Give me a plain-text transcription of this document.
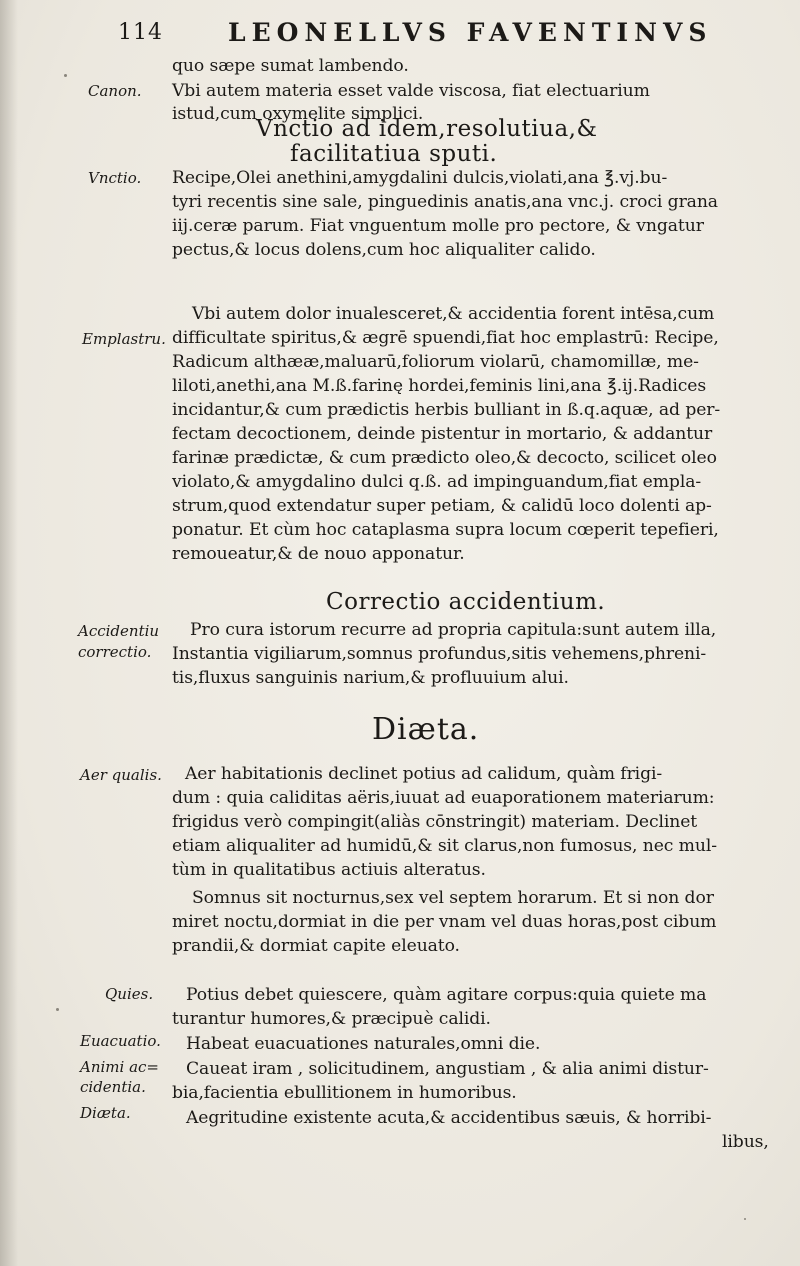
114	LEONELLVS FAVENTINVS
Canon.
Vnctio.
Emplastru.
Accidentiu
correctio.
Aer qualis.
Quies.
Euacuatio.
Animi ac=
cidentia.
Diæta.
Vnctio ad idem,resolutiua,&
facilitatiua sputi.
Correctio accidentium.
Diæta.
quo sæpe sumat lambendo.
Vbi autem materia esset valde viscosa, fiat electuarium
istud,cum oxymelite simplici.
Recipe,Olei anethini,amygdalini dulcis,violati,ana ℥.vj.bu-
tyri recentis sine sale, pinguedinis anatis,ana vnc.j. croci grana
iij.ceræ parum. Fiat vnguentum molle pro pectore, & vngatur
pectus,& locus dolens,cum hoc aliqualiter calido.
Vbi autem dolor inualesceret,& accidentia forent intēsa,cum
difficultate spiritus,& ægrē spuendi,fiat hoc emplastrū: Recipe,
Radicum althææ,maluarū,foliorum violarū, chamomillæ, me-
liloti,anethi,ana M.ß.farinę hordei,feminis lini,ana ℥.ij.Radices
incidantur,& cum prædictis herbis bulliant in ß.q.aquæ, ad per-
fectam decoctionem, deinde pistentur in mortario, & addantur
farinæ prædictæ, & cum prædicto oleo,& decocto, scilicet oleo
violato,& amygdalino dulci q.ß. ad impinguandum,fiat empla-
strum,quod extendatur super petiam, & calidū loco dolenti ap-
ponatur. Et cùm hoc cataplasma supra locum cœperit tepefieri,
remoueatur,& de nouo apponatur.
Pro cura istorum recurre ad propria capitula:sunt autem illa,
Instantia vigiliarum,somnus profundus,sitis vehemens,phreni-
tis,fluxus sanguinis narium,& profluuium alui.
Aer habitationis declinet potius ad calidum, quàm frigi-
dum : quia caliditas aëris,iuuat ad euaporationem materiarum:
frigidus verò compingit(aliàs cōnstringit) materiam. Declinet
etiam aliqualiter ad humidū,& sit clarus,non fumosus, nec mul-
tùm in qualitatibus actiuis alteratus.
Somnus sit nocturnus,sex vel septem horarum. Et si non dor
miret noctu,dormiat in die per vnam vel duas horas,post cibum
prandii,& dormiat capite eleuato.
Potius debet quiescere, quàm agitare corpus:quia quiete ma
turantur humores,& præcipuè calidi.
Habeat euacuationes naturales,omni die.
Caueat iram , solicitudinem, angustiam , & alia animi distur-
bia,facientia ebullitionem in humoribus.
Aegritudine existente acuta,& accidentibus sæuis, & horribi-
libus,
